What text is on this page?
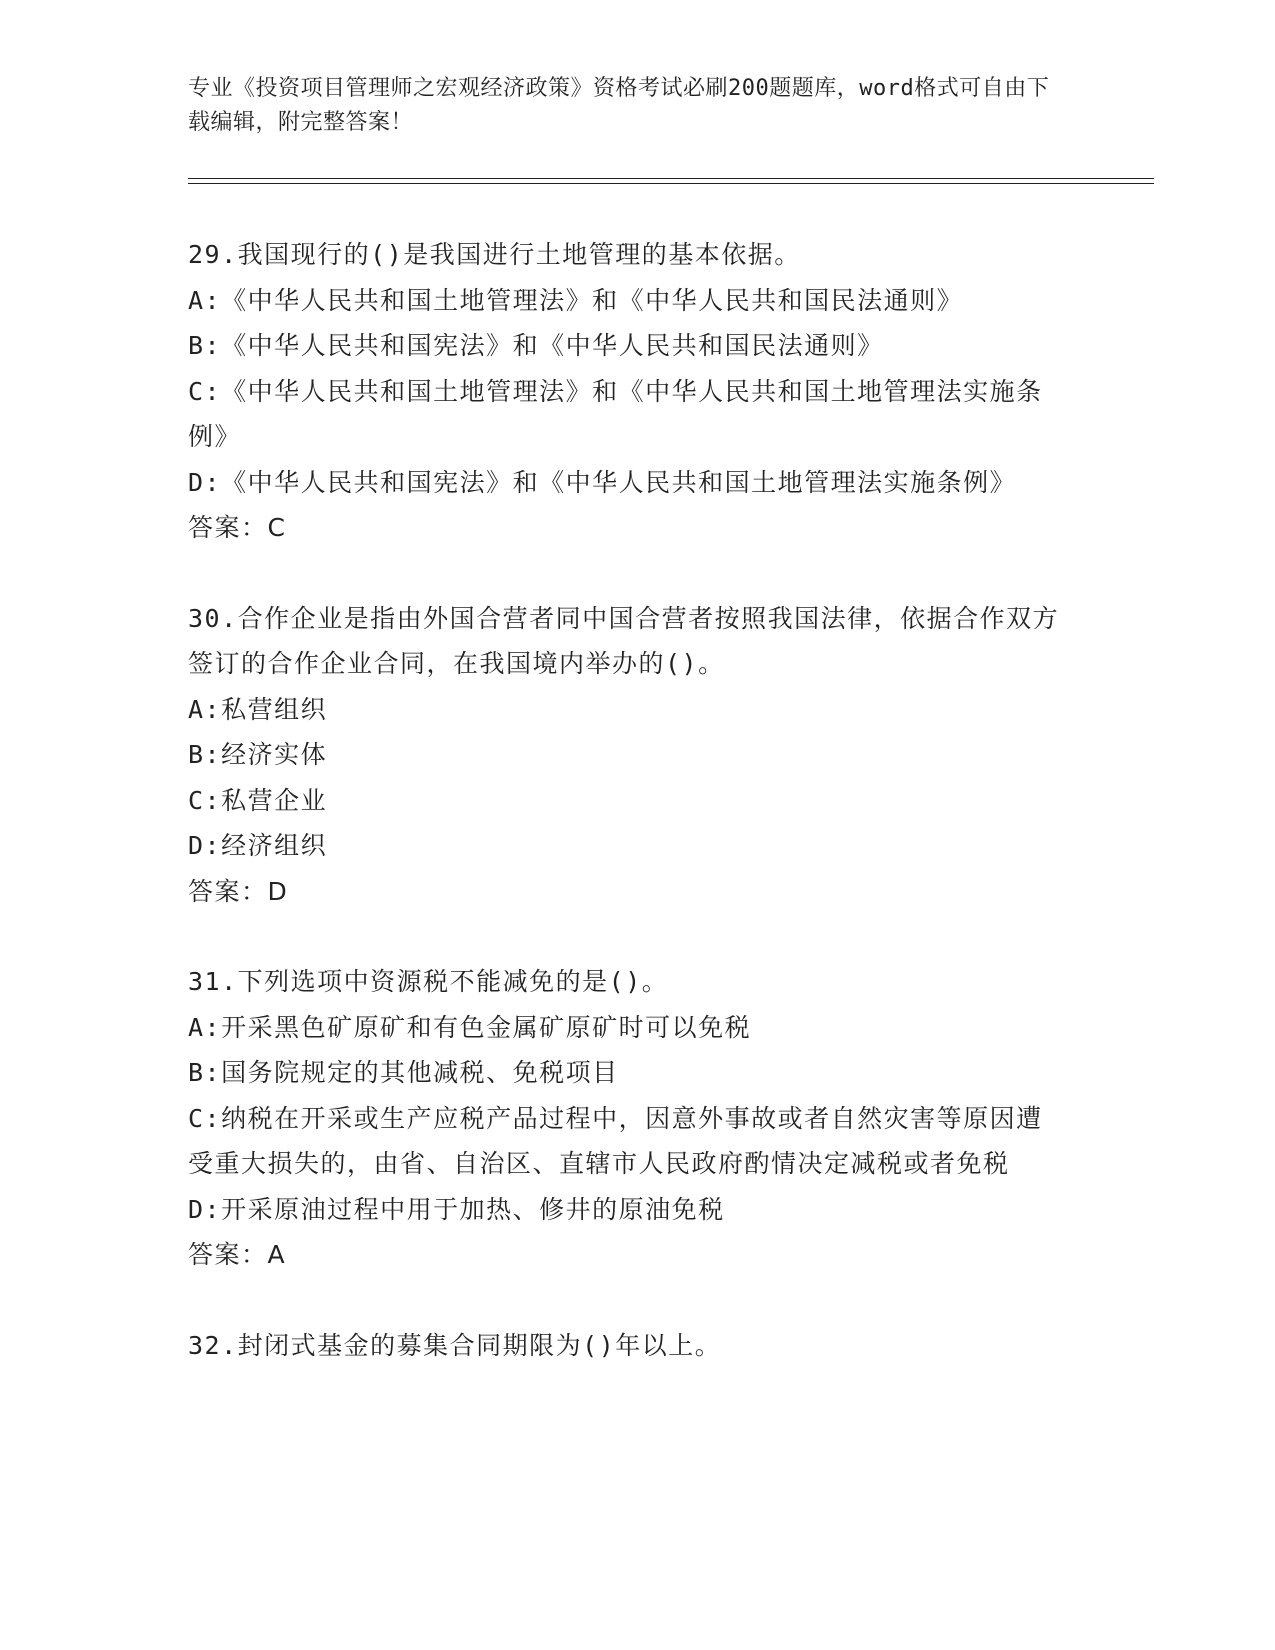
专业《投资项目管理师之宏观经济政策》资格考试必刷200题题库，word格式可自由下载编辑，附完整答案！

29.我国现行的()是我国进行土地管理的基本依据。

A:《中华人民共和国土地管理法》和《中华人民共和国民法通则》

B:《中华人民共和国宪法》和《中华人民共和国民法通则》

C:《中华人民共和国土地管理法》和《中华人民共和国土地管理法实施条例》

D:《中华人民共和国宪法》和《中华人民共和国土地管理法实施条例》

答案：C

30.合作企业是指由外国合营者同中国合营者按照我国法律，依据合作双方签订的合作企业合同，在我国境内举办的()。

A:私营组织

B:经济实体

C:私营企业

D:经济组织

答案：D

31.下列选项中资源税不能减免的是()。

A:开采黑色矿原矿和有色金属矿原矿时可以免税

B:国务院规定的其他减税、免税项目

C:纳税在开采或生产应税产品过程中，因意外事故或者自然灾害等原因遭受重大损失的，由省、自治区、直辖市人民政府酌情决定减税或者免税

D:开采原油过程中用于加热、修井的原油免税

答案：A

32.封闭式基金的募集合同期限为()年以上。
